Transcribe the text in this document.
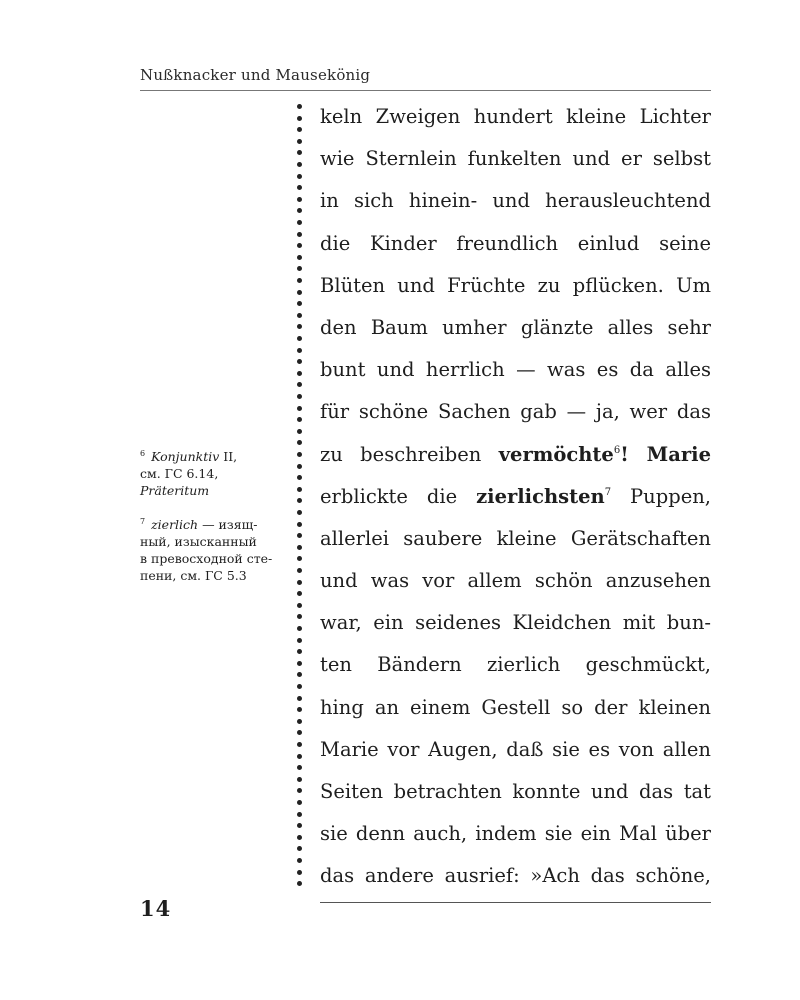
Nußknacker und Mausekönig
$^6$ Konjunktiv II,
см. ГС 6.14,
Präteritum
$^7$ zierlich — изящ-
ный, изысканный
в превосходной сте-
пени, см. ГС 5.3
keln Zweigen hundert kleine Lichter
wie Sternlein funkelten und er selbst
in sich hinein- und herausleuchtend
die Kinder freundlich einlud seine
Blüten und Früchte zu pflücken. Um
den Baum umher glänzte alles sehr
bunt und herrlich — was es da alles
für schöne Sachen gab — ja, wer das
zu beschreiben vermöchte$^6$! Marie
erblickte die zierlichsten$^7$ Puppen,
allerlei saubere kleine Gerätschaften
und was vor allem schön anzusehen
war, ein seidenes Kleidchen mit bun-
ten Bändern zierlich geschmückt,
hing an einem Gestell so der kleinen
Marie vor Augen, daß sie es von allen
Seiten betrachten konnte und das tat
sie denn auch, indem sie ein Mal über
das andere ausrief: »Ach das schöne,
14
